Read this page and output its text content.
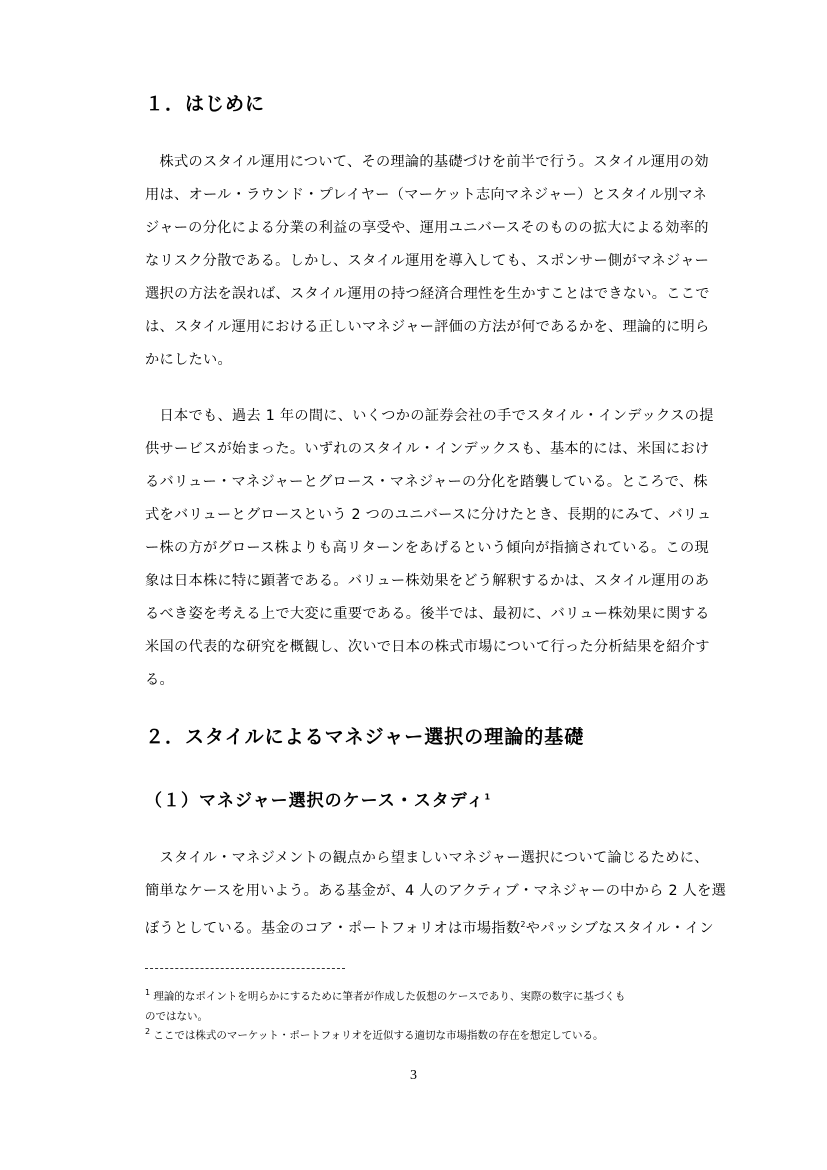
１．はじめに
　株式のスタイル運用について、その理論的基礎づけを前半で行う。スタイル運用の効
用は、オール・ラウンド・プレイヤー（マーケット志向マネジャー）とスタイル別マネ
ジャーの分化による分業の利益の享受や、運用ユニバースそのものの拡大による効率的
なリスク分散である。しかし、スタイル運用を導入しても、スポンサー側がマネジャー
選択の方法を誤れば、スタイル運用の持つ経済合理性を生かすことはできない。ここで
は、スタイル運用における正しいマネジャー評価の方法が何であるかを、理論的に明ら
かにしたい。
　日本でも、過去 1 年の間に、いくつかの証券会社の手でスタイル・インデックスの提
供サービスが始まった。いずれのスタイル・インデックスも、基本的には、米国におけ
るバリュー・マネジャーとグロース・マネジャーの分化を踏襲している。ところで、株
式をバリューとグロースという 2 つのユニバースに分けたとき、長期的にみて、バリュ
ー株の方がグロース株よりも高リターンをあげるという傾向が指摘されている。この現
象は日本株に特に顕著である。バリュー株効果をどう解釈するかは、スタイル運用のあ
るべき姿を考える上で大変に重要である。後半では、最初に、バリュー株効果に関する
米国の代表的な研究を概観し、次いで日本の株式市場について行った分析結果を紹介す
る。
２．スタイルによるマネジャー選択の理論的基礎
（１）マネジャー選択のケース・スタディ$^1$
　スタイル・マネジメントの観点から望ましいマネジャー選択について論じるために、
簡単なケースを用いよう。ある基金が、4 人のアクティブ・マネジャーの中から 2 人を選
ぼうとしている。基金のコア・ポートフォリオは市場指数$^2$やパッシブなスタイル・イン
$^1$ 理論的なポイントを明らかにするために筆者が作成した仮想のケースであり、実際の数字に基づくも
のではない。
$^2$ ここでは株式のマーケット・ポートフォリオを近似する適切な市場指数の存在を想定している。
3
